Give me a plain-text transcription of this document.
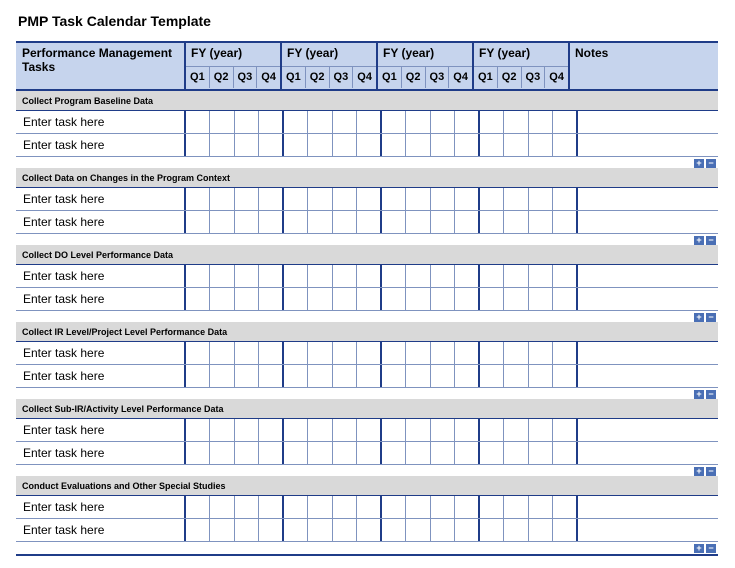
PMP Task Calendar Template
Performance Management Tasks
FY (year)
Q1 Q2 Q3 Q4
FY (year)
Q1 Q2 Q3 Q4
FY (year)
Q1 Q2 Q3 Q4
FY (year)
Q1 Q2 Q3 Q4
Notes
Collect Program Baseline Data
Enter task here
Enter task here
+ −
Collect Data on Changes in the Program Context
Enter task here
Enter task here
+ −
Collect DO Level Performance Data
Enter task here
Enter task here
+ −
Collect IR Level/Project Level Performance Data
Enter task here
Enter task here
+ −
Collect Sub-IR/Activity Level Performance Data
Enter task here
Enter task here
+ −
Conduct Evaluations and Other Special Studies
Enter task here
Enter task here
+ −
